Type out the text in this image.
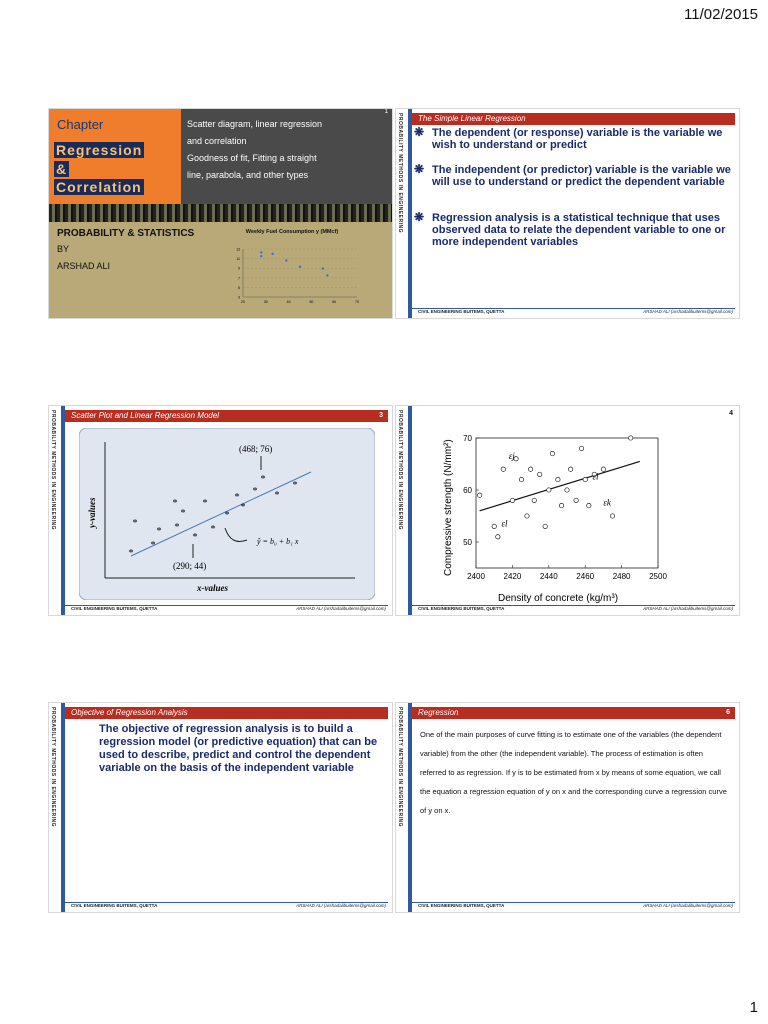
11/02/2015
Chapter
Regression
&
Correlation
Scatter diagram, linear regression
and correlation
Goodness of fit, Fitting a straight
line, parabola, and other types
1
PROBABILITY & STATISTICS
BY
ARSHAD ALI
Weekly Fuel Consumption y (MMcf)
13
11
9
7
5
3
20	30	40	50	60	70
PROBABILITY METHODS IN ENGINEERING	The Simple Linear Regression
❋ The dependent (or response) variable is the variable we wish to understand or predict
❋ The independent (or predictor) variable is the variable we will use to understand or predict the dependent variable
❋ Regression analysis is a statistical technique that uses observed data to relate the dependent variable to one or more independent variables
CIVIL ENGINEERING BUITEMS, QUETTA	ARSHAD ALI (arshadalibuitems@gmail.com)
PROBABILITY METHODS IN ENGINEERING	Scatter Plot and Linear Regression Model	3
*
*
*
* *
*
*
*
*
*
*
*
*
*
*
*
*
(468; 76)
(290; 44)
ŷ = b₀ + b₁ x
x-values
y-values
CIVIL ENGINEERING BUITEMS, QUETTA	ARSHAD ALI (arshadalibuitems@gmail.com)
PROBABILITY METHODS IN ENGINEERING	4
Compressive strength (N/mm²)
Density of concrete (kg/m³)
2400 2420 2440 2460 2480 2500
70
60
50
εj
εi
εk
εl
CIVIL ENGINEERING BUITEMS, QUETTA	ARSHAD ALI (arshadalibuitems@gmail.com)
PROBABILITY METHODS IN ENGINEERING	Objective of Regression Analysis
The objective of regression analysis is to build a regression model (or predictive equation) that can be used to describe, predict and control the dependent variable on the basis of the independent variable
CIVIL ENGINEERING BUITEMS, QUETTA	ARSHAD ALI (arshadalibuitems@gmail.com)
PROBABILITY METHODS IN ENGINEERING	Regression	6
One of the main purposes of curve fitting is to estimate one of the variables (the dependent variable) from the other (the independent variable). The process of estimation is often referred to as regression. If y is to be estimated from x by means of some equation, we call the equation a regression equation of y on x and the corresponding curve a regression curve of y on x.
CIVIL ENGINEERING BUITEMS, QUETTA	ARSHAD ALI (arshadalibuitems@gmail.com)
1
